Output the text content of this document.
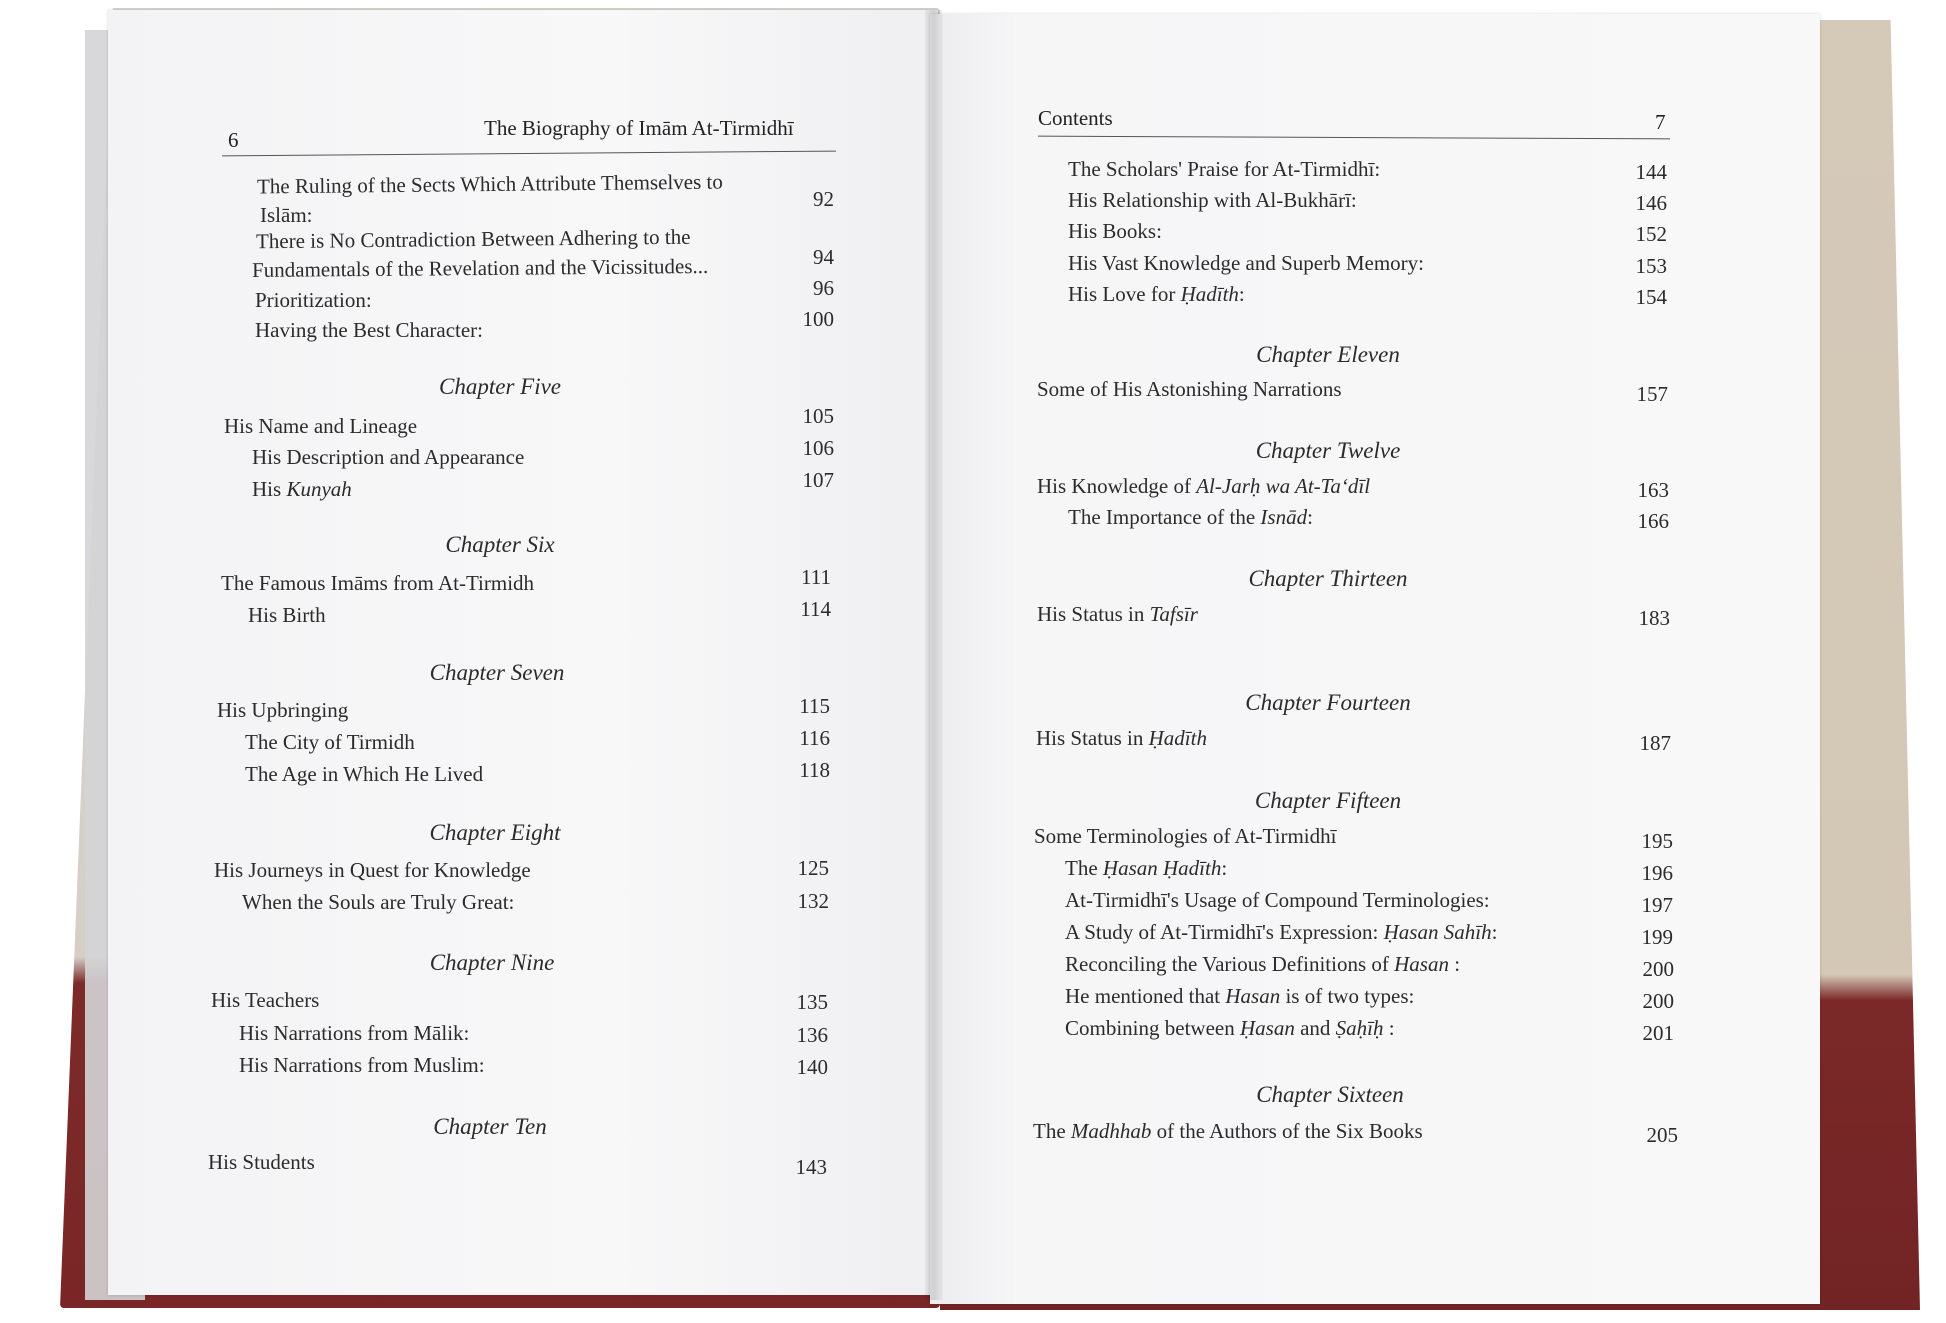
6	The Biography of Imām At-Tirmidhī
The Ruling of the Sects Which Attribute Themselves to
Islām:
92
There is No Contradiction Between Adhering to the
Fundamentals of the Revelation and the Vicissitudes...	94
Prioritization:	96
Having the Best Character:	100
Chapter Five
His Name and Lineage	105
His Description and Appearance	106
His Kunyah	107
Chapter Six
The Famous Imāms from At-Tirmidh	111
His Birth	114
Chapter Seven
His Upbringing	115
The City of Tirmidh	116
The Age in Which He Lived	118
Chapter Eight
His Journeys in Quest for Knowledge	125
When the Souls are Truly Great:	132
Chapter Nine
His Teachers	135
His Narrations from Mālik:	136
His Narrations from Muslim:	140
Chapter Ten
His Students	143
Contents	7
The Scholars' Praise for At-Tirmidhī:	144
His Relationship with Al-Bukhārī:	146
His Books:	152
His Vast Knowledge and Superb Memory:	153
His Love for Ḥadīth:	154
Chapter Eleven
Some of His Astonishing Narrations	157
Chapter Twelve
His Knowledge of Al-Jarḥ wa At-Taʻdīl	163
The Importance of the Isnād:	166
Chapter Thirteen
His Status in Tafsīr	183
Chapter Fourteen
His Status in Ḥadīth	187
Chapter Fifteen
Some Terminologies of At-Tirmidhī	195
The Ḥasan Ḥadīth:	196
At-Tirmidhī's Usage of Compound Terminologies:	197
A Study of At-Tirmidhī's Expression: Ḥasan Sahīh:	199
Reconciling the Various Definitions of Hasan :	200
He mentioned that Hasan is of two types:	200
Combining between Ḥasan and Ṣaḥīḥ :	201
Chapter Sixteen
The Madhhab of the Authors of the Six Books	205
